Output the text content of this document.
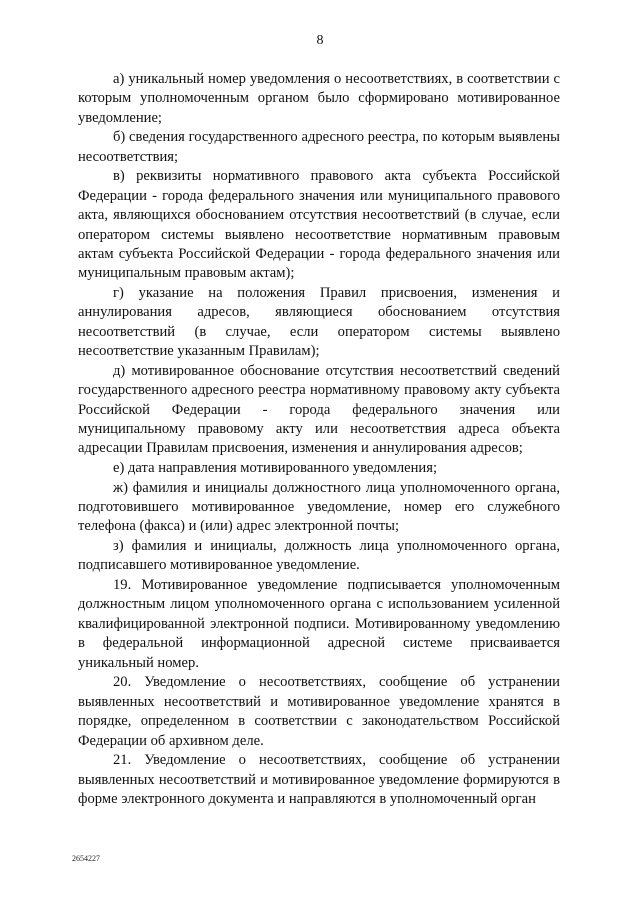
8

а) уникальный номер уведомления о несоответствиях, в соответствии с которым уполномоченным органом было сформировано мотивированное уведомление;

б) сведения государственного адресного реестра, по которым выявлены несоответствия;

в) реквизиты нормативного правового акта субъекта Российской Федерации - города федерального значения или муниципального правового акта, являющихся обоснованием отсутствия несоответствий (в случае, если оператором системы выявлено несоответствие нормативным правовым актам субъекта Российской Федерации - города федерального значения или муниципальным правовым актам);

г) указание на положения Правил присвоения, изменения и аннулирования адресов, являющиеся обоснованием отсутствия несоответствий (в случае, если оператором системы выявлено несоответствие указанным Правилам);

д) мотивированное обоснование отсутствия несоответствий сведений государственного адресного реестра нормативному правовому акту субъекта Российской Федерации - города федерального значения или муниципальному правовому акту или несоответствия адреса объекта адресации Правилам присвоения, изменения и аннулирования адресов;

е) дата направления мотивированного уведомления;

ж) фамилия и инициалы должностного лица уполномоченного органа, подготовившего мотивированное уведомление, номер его служебного телефона (факса) и (или) адрес электронной почты;

з) фамилия и инициалы, должность лица уполномоченного органа, подписавшего мотивированное уведомление.

19. Мотивированное уведомление подписывается уполномоченным должностным лицом уполномоченного органа с использованием усиленной квалифицированной электронной подписи. Мотивированному уведомлению в федеральной информационной адресной системе присваивается уникальный номер.

20. Уведомление о несоответствиях, сообщение об устранении выявленных несоответствий и мотивированное уведомление хранятся в порядке, определенном в соответствии с законодательством Российской Федерации об архивном деле.

21. Уведомление о несоответствиях, сообщение об устранении выявленных несоответствий и мотивированное уведомление формируются в форме электронного документа и направляются в уполномоченный орган

2654227
